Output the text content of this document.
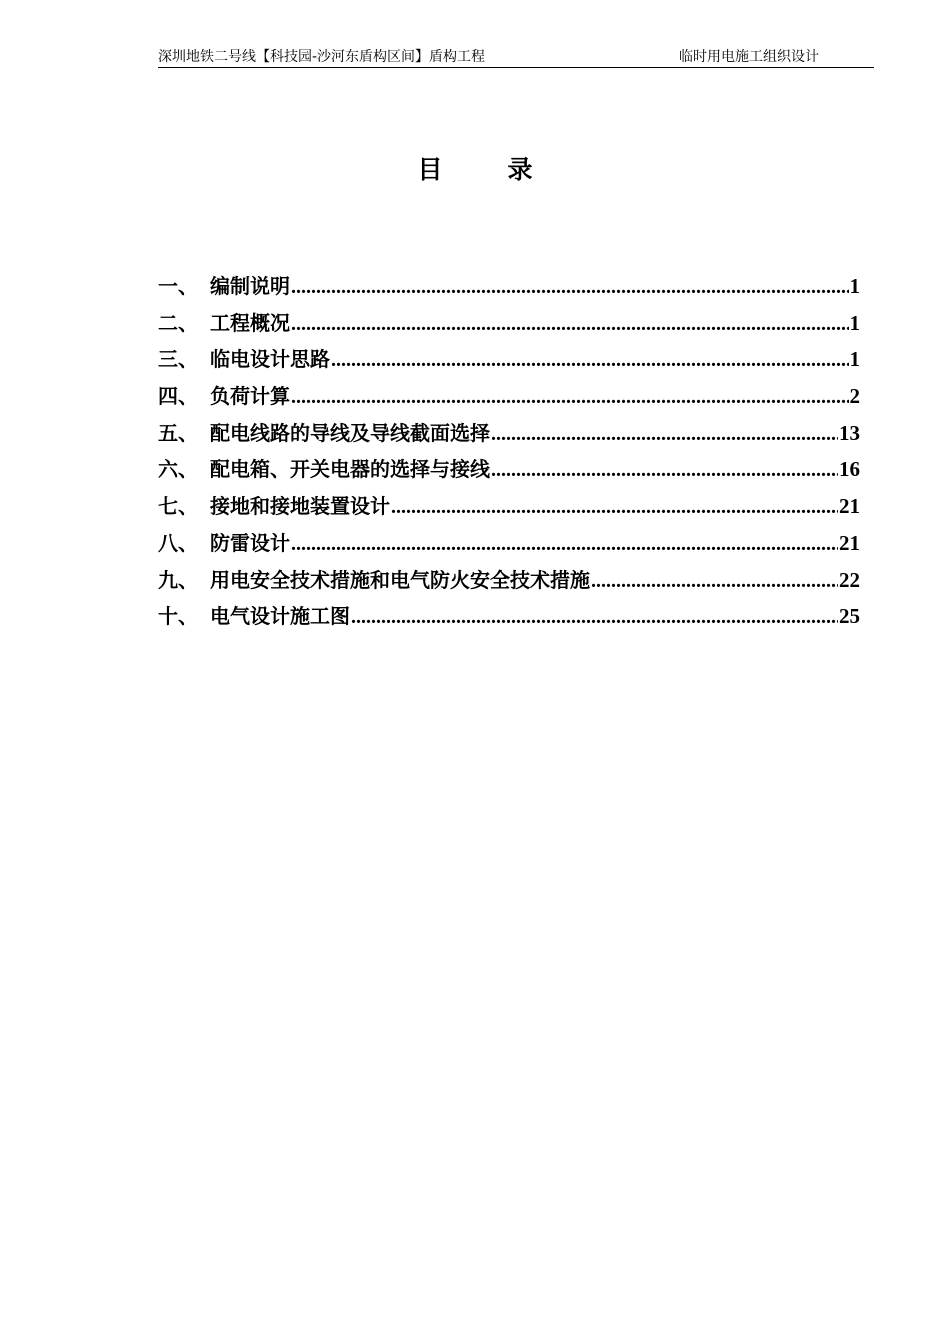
深圳地铁二号线【科技园-沙河东盾构区间】盾构工程	临时用电施工组织设计
目	录
一、 编制说明 .....	1
二、 工程概况 .....	1
三、 临电设计思路 .....	1
四、 负荷计算 .....	2
五、 配电线路的导线及导线截面选择 .....	13
六、 配电箱、开关电器的选择与接线 .....	16
七、 接地和接地装置设计 .....	21
八、 防雷设计 .....	21
九、 用电安全技术措施和电气防火安全技术措施 .....	22
十、 电气设计施工图 .....	25
